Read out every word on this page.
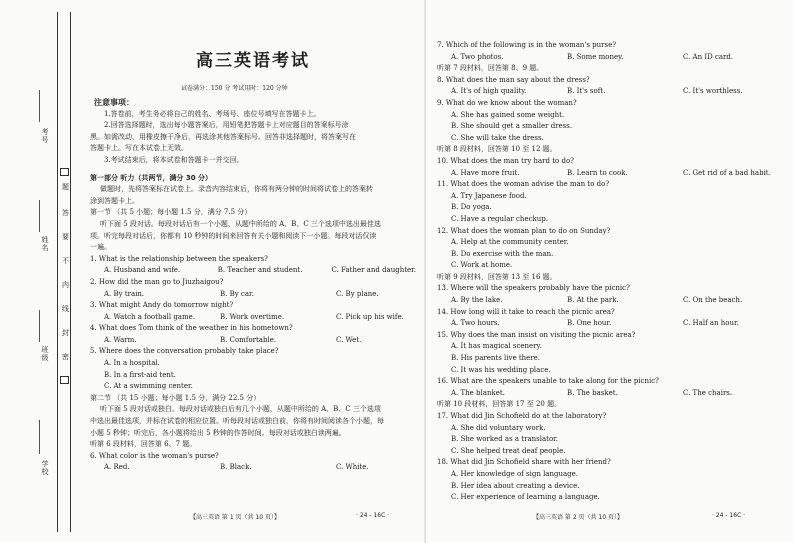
考号
姓名
班级
学校
题
答
要
不
内
线
封
密
高三英语考试
试卷满分：150 分 考试用时：120 分钟

注意事项：

1.答卷前，考生务必将自己的姓名、考场号、座位号填写在答题卡上。

2.回答选择题时，选出每小题答案后，用铅笔把答题卡上对应题目的答案标号涂

黑。如需改动，用橡皮擦干净后，再选涂其他答案标号。回答非选择题时，将答案写在

答题卡上。写在本试卷上无效。

3.考试结束后，将本试卷和答题卡一并交回。

第一部分 听力（共两节，满分 30 分）

做题时，先将答案标在试卷上。录音内容结束后，你将有两分钟的时间将试卷上的答案转

涂到答题卡上。

第一节 （共 5 小题；每小题 1.5 分，满分 7.5 分）

听下面 5 段对话。每段对话后有一个小题，从题中所给的 A、B、C 三个选项中选出最佳选

项。听完每段对话后，你都有 10 秒钟的时间来回答有关小题和阅读下一小题。每段对话仅读

一遍。

1. What is the relationship between the speakers?

A. Husband and wife.	B. Teacher and student.	C. Father and daughter.

2. How did the man go to Jiuzhaigou?

A. By train.	B. By car.	C. By plane.

3. What might Andy do tomorrow night?

A. Watch a football game.	B. Work overtime.	C. Pick up his wife.

4. What does Tom think of the weather in his hometown?

A. Warm.	B. Comfortable.	C. Wet.

5. Where does the conversation probably take place?

A. In a hospital.

B. In a first-aid tent.

C. At a swimming center.

第二节 （共 15 小题；每小题 1.5 分，满分 22.5 分）

听下面 5 段对话或独白。每段对话或独白后有几个小题，从题中所给的 A、B、C 三个选项

中选出最佳选项，并标在试卷的相应位置。听每段对话或独白前，你将有时间阅读各个小题，每

小题 5 秒钟；听完后，各小题将给出 5 秒钟的作答时间。每段对话或独白读两遍。

听第 6 段材料，回答第 6、7 题。

6. What color is the woman's purse?

A. Red.	B. Black.	C. White.

7. Which of the following is in the woman's purse?

A. Two photos.	B. Some money.	C. An ID card.

听第 7 段材料，回答第 8、9 题。

8. What does the man say about the dress?

A. It's of high quality.	B. It's soft.	C. It's worthless.

9. What do we know about the woman?

A. She has gained some weight.

B. She should get a smaller dress.

C. She will take the dress.

听第 8 段材料，回答第 10 至 12 题。

10. What does the man try hard to do?

A. Have more fruit.	B. Learn to cook.	C. Get rid of a bad habit.

11. What does the woman advise the man to do?

A. Try Japanese food.

B. Do yoga.

C. Have a regular checkup.

12. What does the woman plan to do on Sunday?

A. Help at the community center.

B. Do exercise with the man.

C. Work at home.

听第 9 段材料，回答第 13 至 16 题。

13. Where will the speakers probably have the picnic?

A. By the lake.	B. At the park.	C. On the beach.

14. How long will it take to reach the picnic area?

A. Two hours.	B. One hour.	C. Half an hour.

15. Why does the man insist on visiting the picnic area?

A. It has magical scenery.

B. His parents live there.

C. It was his wedding place.

16. What are the speakers unable to take along for the picnic?

A. The blanket.	B. The basket.	C. The chairs.

听第 10 段材料，回答第 17 至 20 题。

17. What did Jin Schofield do at the laboratory?

A. She did voluntary work.

B. She worked as a translator.

C. She helped treat deaf people.

18. What did Jin Schofield share with her friend?

A. Her knowledge of sign language.

B. Her idea about creating a device.

C. Her experience of learning a language.

【高三英语 第 1 页（共 10 页）】	· 24 - 16C ·	【高三英语 第 2 页（共 10 页）】	· 24 - 16C ·
